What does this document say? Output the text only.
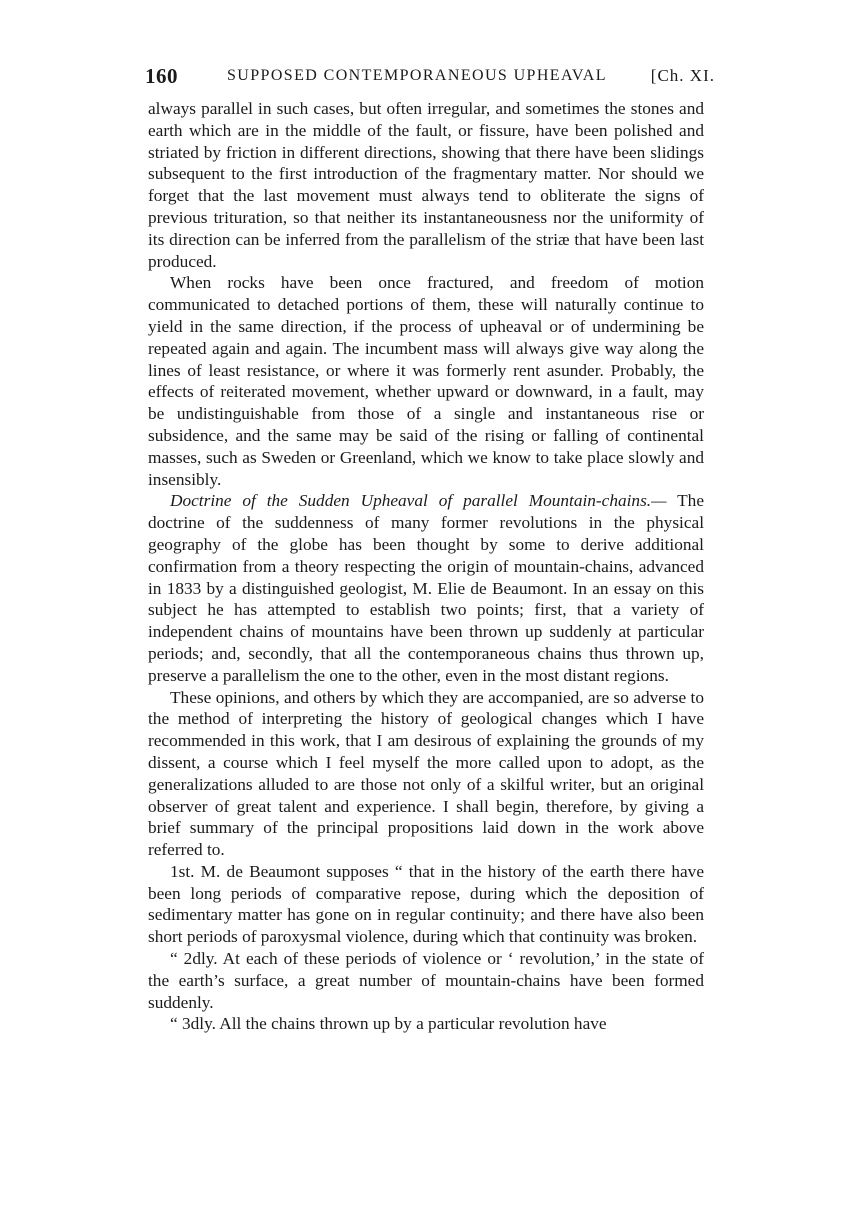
160	SUPPOSED CONTEMPORANEOUS UPHEAVAL	[Ch. XI.

always parallel in such cases, but often irregular, and sometimes the stones and earth which are in the middle of the fault, or fissure, have been polished and striated by friction in different directions, showing that there have been slidings subsequent to the first introduction of the fragmentary matter. Nor should we forget that the last movement must always tend to obliterate the signs of previous trituration, so that neither its instantaneousness nor the uniformity of its direction can be inferred from the parallelism of the striæ that have been last produced.

When rocks have been once fractured, and freedom of motion communicated to detached portions of them, these will naturally continue to yield in the same direction, if the process of upheaval or of undermining be repeated again and again. The incumbent mass will always give way along the lines of least resistance, or where it was formerly rent asunder. Probably, the effects of reiterated movement, whether upward or downward, in a fault, may be undistinguishable from those of a single and instantaneous rise or subsidence, and the same may be said of the rising or falling of continental masses, such as Sweden or Greenland, which we know to take place slowly and insensibly.

Doctrine of the Sudden Upheaval of parallel Mountain-chains.— The doctrine of the suddenness of many former revolutions in the physical geography of the globe has been thought by some to derive additional confirmation from a theory respecting the origin of mountain-chains, advanced in 1833 by a distinguished geologist, M. Elie de Beaumont. In an essay on this subject he has attempted to establish two points; first, that a variety of independent chains of mountains have been thrown up suddenly at particular periods; and, secondly, that all the contemporaneous chains thus thrown up, preserve a parallelism the one to the other, even in the most distant regions.

These opinions, and others by which they are accompanied, are so adverse to the method of interpreting the history of geological changes which I have recommended in this work, that I am desirous of explaining the grounds of my dissent, a course which I feel myself the more called upon to adopt, as the generalizations alluded to are those not only of a skilful writer, but an original observer of great talent and experience. I shall begin, therefore, by giving a brief summary of the principal propositions laid down in the work above referred to.

1st. M. de Beaumont supposes “ that in the history of the earth there have been long periods of comparative repose, during which the deposition of sedimentary matter has gone on in regular continuity; and there have also been short periods of paroxysmal violence, during which that continuity was broken.

“ 2dly. At each of these periods of violence or ‘ revolution,’ in the state of the earth’s surface, a great number of mountain-chains have been formed suddenly.

“ 3dly. All the chains thrown up by a particular revolution have
